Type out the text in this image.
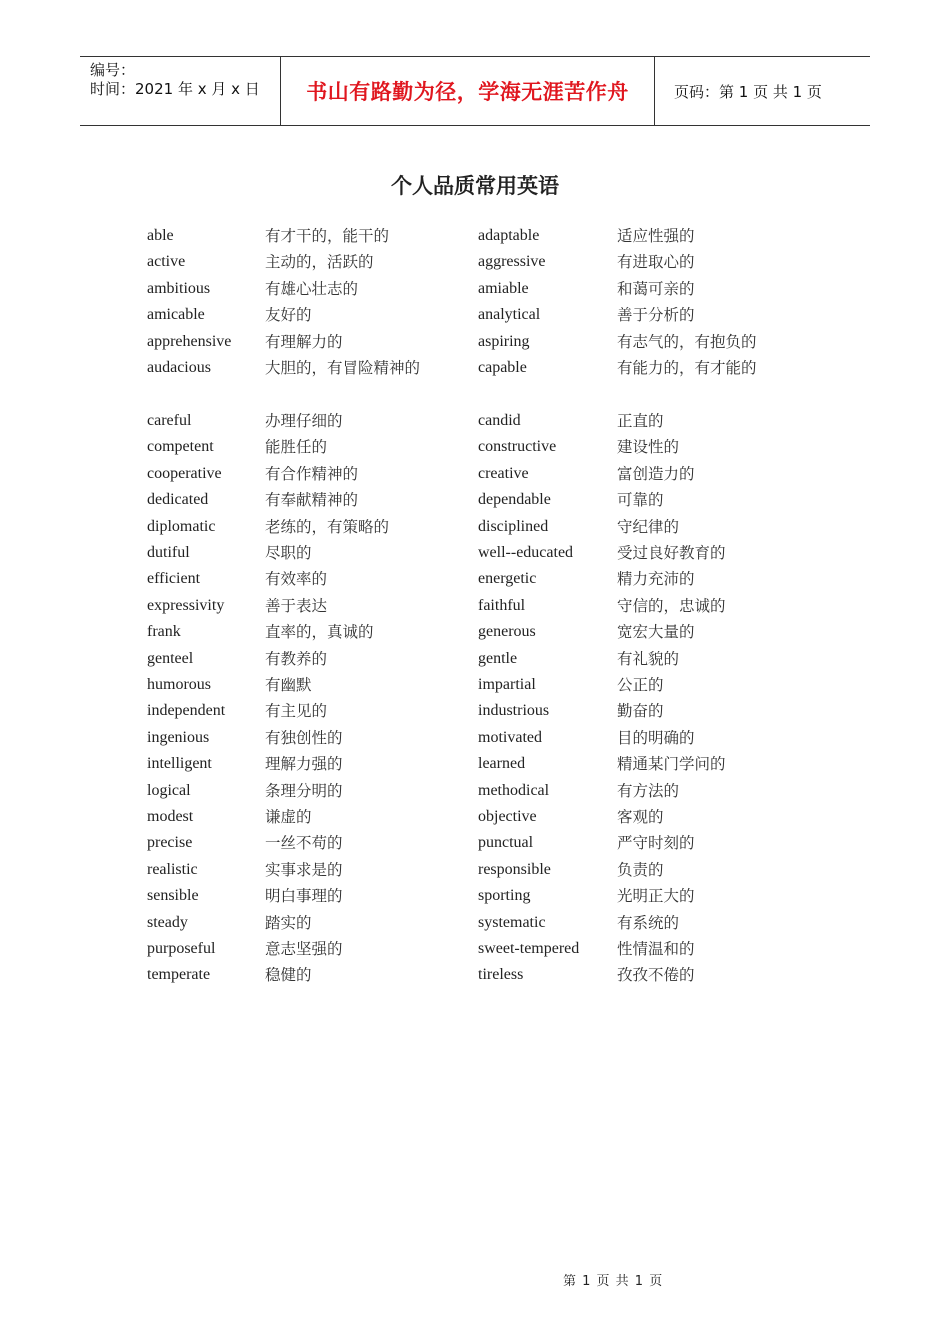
编号：
时间：2021 年 x 月 x 日	书山有路勤为径，学海无涯苦作舟	页码：第 1 页 共 1 页
个人品质常用英语
able	有才干的，能干的	adaptable	适应性强的
active	主动的，活跃的	aggressive	有进取心的
ambitious	有雄心壮志的	amiable	和蔼可亲的
amicable	友好的	analytical	善于分析的
apprehensive 有理解力的	aspiring	有志气的，有抱负的
audacious	大胆的，有冒险精神的	capable	有能力的，有才能的
careful	办理仔细的	candid	正直的
competent	能胜任的	constructive	建设性的
cooperative	有合作精神的	creative	富创造力的
dedicated	有奉献精神的	dependable	可靠的
diplomatic	老练的，有策略的	disciplined	守纪律的
dutiful	尽职的	well--educated	受过良好教育的
efficient	有效率的	energetic	精力充沛的
expressivity	善于表达	faithful	守信的，忠诚的
frank	直率的，真诚的	generous	宽宏大量的
genteel	有教养的	gentle	有礼貌的
humorous	有幽默	impartial	公正的
independent	有主见的	industrious	勤奋的
ingenious	有独创性的	motivated	目的明确的
intelligent	理解力强的	learned	精通某门学问的
logical	条理分明的	methodical	有方法的
modest	谦虚的	objective	客观的
precise	一丝不苟的	punctual	严守时刻的
realistic	实事求是的	responsible	负责的
sensible	明白事理的	sporting	光明正大的
steady	踏实的	systematic	有系统的
purposeful	意志坚强的	sweet-tempered 性情温和的
temperate	稳健的	tireless	孜孜不倦的
第 1 页 共 1 页
